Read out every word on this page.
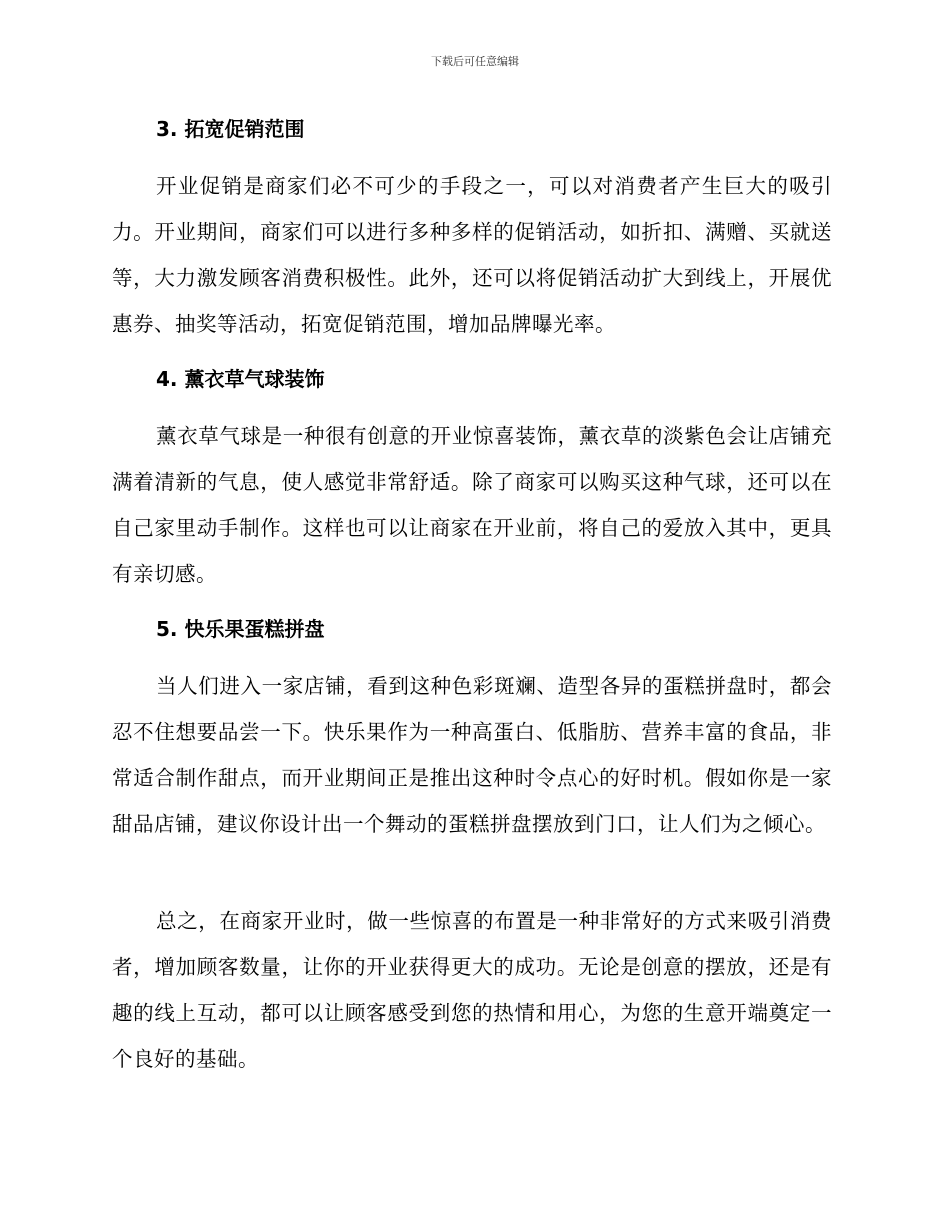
下载后可任意编辑
3. 拓宽促销范围
开业促销是商家们必不可少的手段之一，可以对消费者产生巨大的吸引力。开业期间，商家们可以进行多种多样的促销活动，如折扣、满赠、买就送等，大力激发顾客消费积极性。此外，还可以将促销活动扩大到线上，开展优惠券、抽奖等活动，拓宽促销范围，增加品牌曝光率。
4. 薰衣草气球装饰
薰衣草气球是一种很有创意的开业惊喜装饰，薰衣草的淡紫色会让店铺充满着清新的气息，使人感觉非常舒适。除了商家可以购买这种气球，还可以在自己家里动手制作。这样也可以让商家在开业前，将自己的爱放入其中，更具有亲切感。
5. 快乐果蛋糕拼盘
当人们进入一家店铺，看到这种色彩斑斓、造型各异的蛋糕拼盘时，都会忍不住想要品尝一下。快乐果作为一种高蛋白、低脂肪、营养丰富的食品，非常适合制作甜点，而开业期间正是推出这种时令点心的好时机。假如你是一家甜品店铺，建议你设计出一个舞动的蛋糕拼盘摆放到门口，让人们为之倾心。
总之，在商家开业时，做一些惊喜的布置是一种非常好的方式来吸引消费者，增加顾客数量，让你的开业获得更大的成功。无论是创意的摆放，还是有趣的线上互动，都可以让顾客感受到您的热情和用心，为您的生意开端奠定一个良好的基础。
